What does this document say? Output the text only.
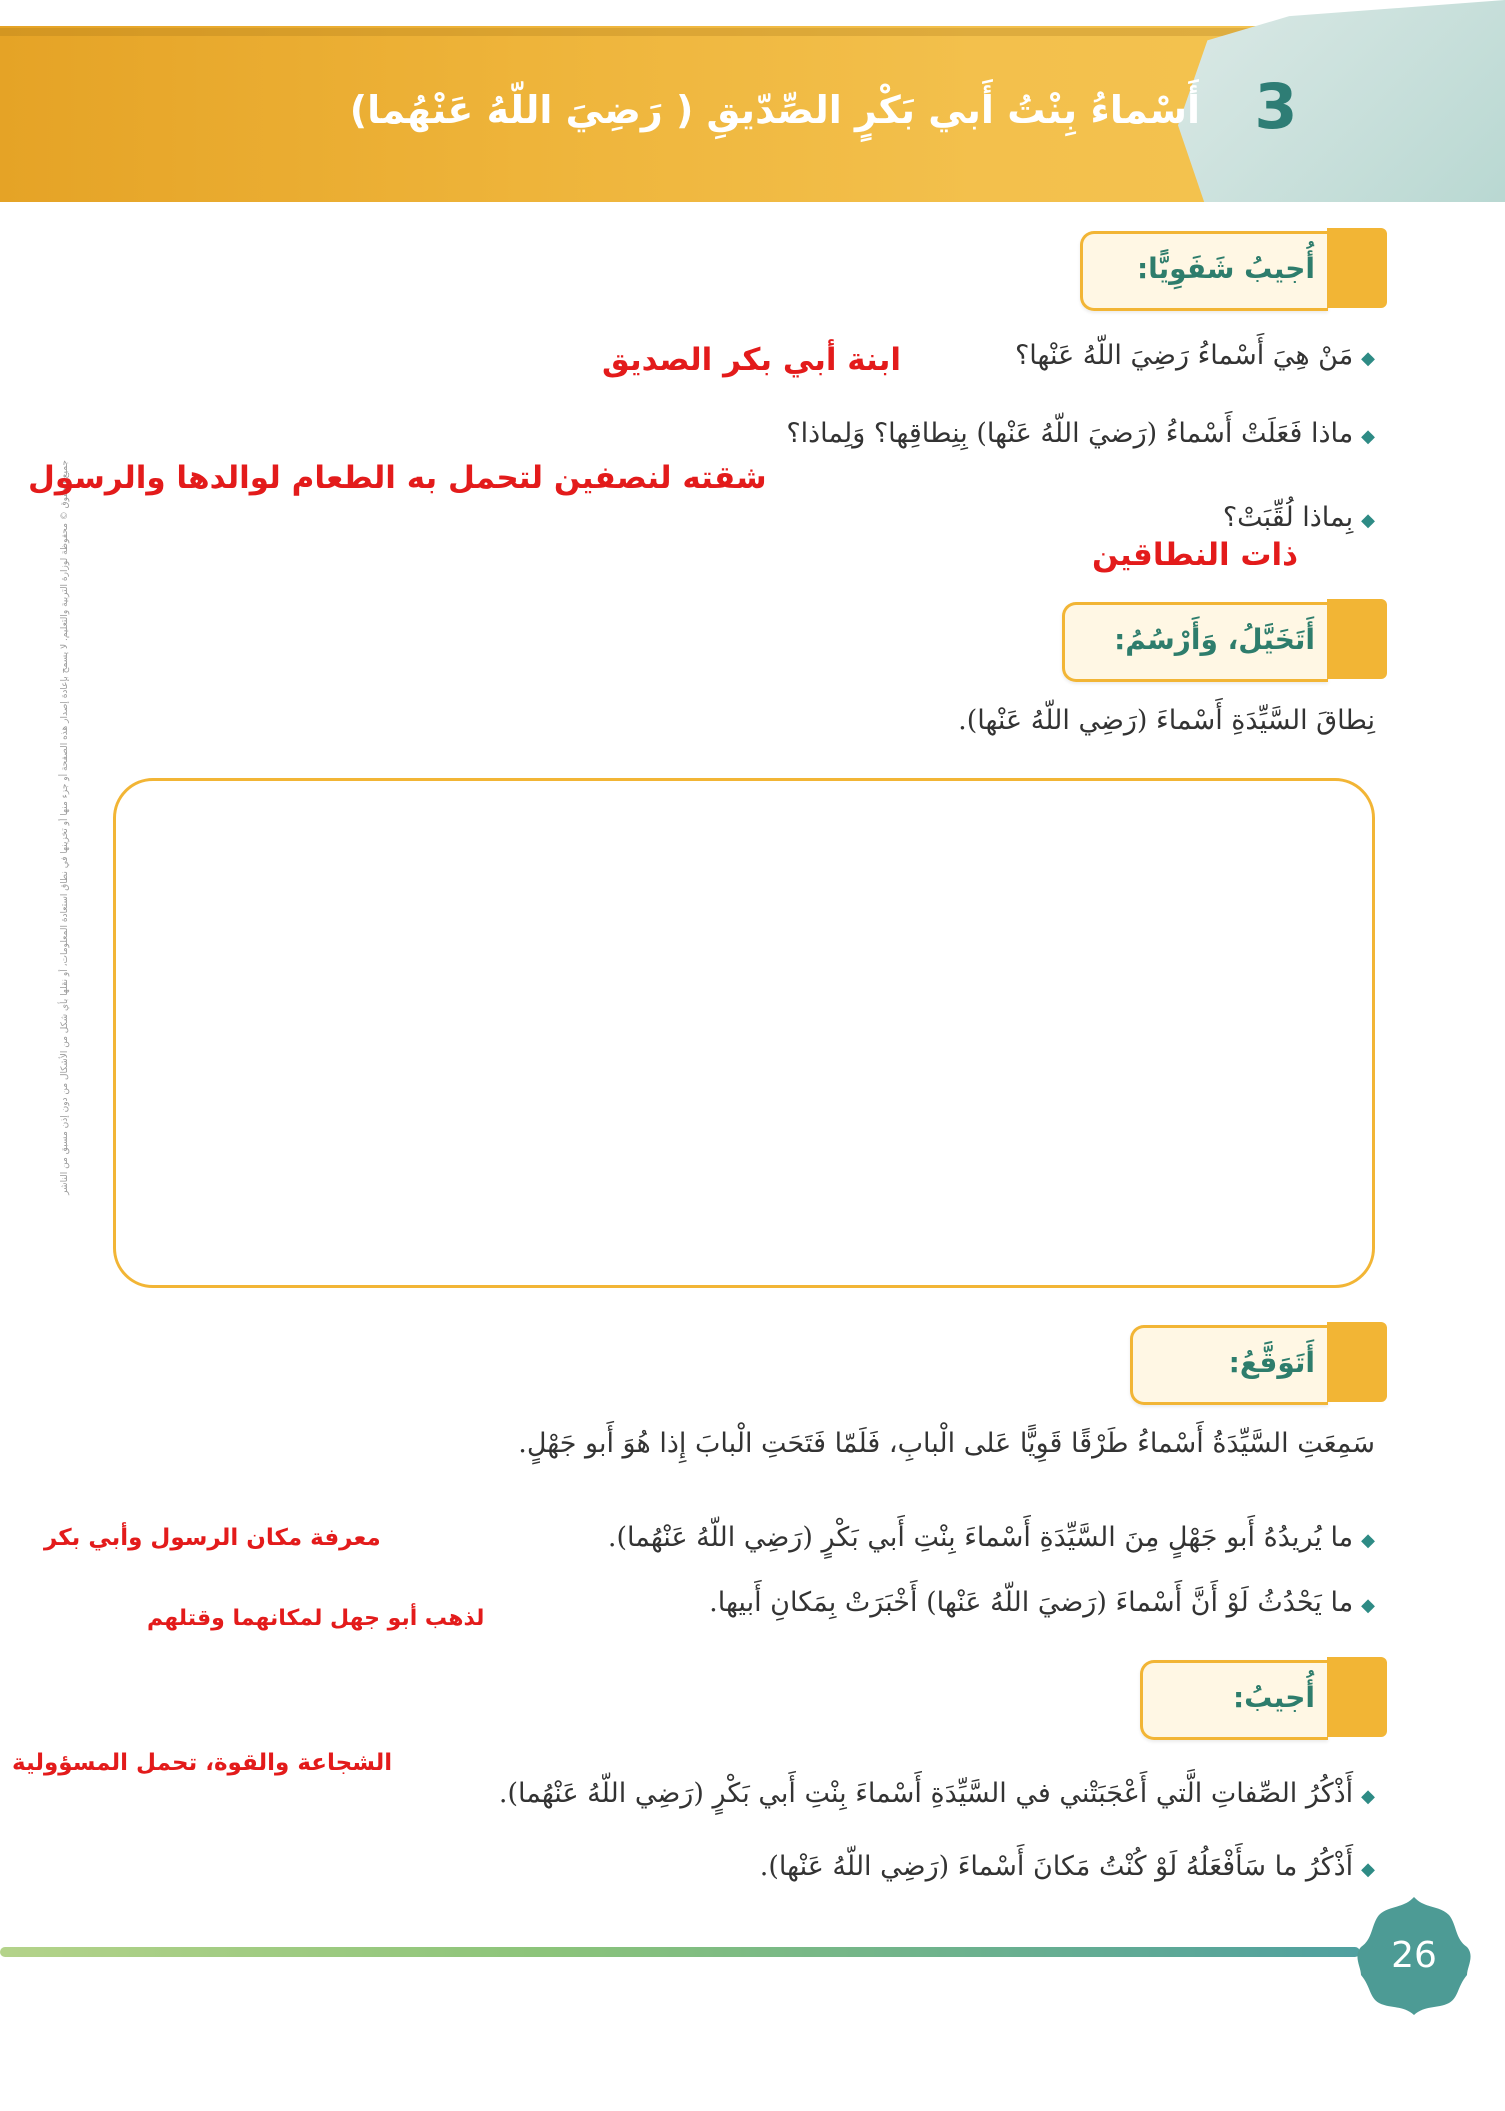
3
أَسْماءُ بِنْتُ أَبي بَكْرٍ الصِّدّيقِ ( رَضِيَ اللّهُ عَنْهُما)
جميع الحقوق © محفوظة لوزارة التربية والتعليم. لا يسمح بإعادة إصدار هذه الصفحة أو جزء منها أو تخزينها في نطاق استعادة المعلومات، أو نقلها بأي شكل من الأشكال من دون إذن مسبق من الناشر
أُجيبُ شَفَوِيًّا:
◆مَنْ هِيَ أَسْماءُ رَضِيَ اللّهُ عَنْها؟
ابنة أبي بكر الصديق
◆ماذا فَعَلَتْ أَسْماءُ (رَضيَ اللّهُ عَنْها) بِنِطاقِها؟ وَلِماذا؟
شقته لنصفين لتحمل به الطعام لوالدها والرسول
◆بِماذا لُقِّبَتْ؟
ذات النطاقين
أَتَخَيَّلُ، وَأَرْسُمُ:
نِطاقَ السَّيِّدَةِ أَسْماءَ (رَضِي اللّهُ عَنْها).
أَتَوَقَّعُ:
سَمِعَتِ السَّيِّدَةُ أَسْماءُ طَرْقًا قَوِيًّا عَلى الْبابِ، فَلَمّا فَتَحَتِ الْبابَ إِذا هُوَ أَبو جَهْلٍ.
◆ما يُريدُهُ أَبو جَهْلٍ مِنَ السَّيِّدَةِ أَسْماءَ بِنْتِ أَبي بَكْرٍ (رَضِي اللّهُ عَنْهُما).
معرفة مكان الرسول وأبي بكر
◆ما يَحْدُثُ لَوْ أَنَّ أَسْماءَ (رَضيَ اللّهُ عَنْها) أَخْبَرَتْ بِمَكانِ أَبيها.
لذهب أبو جهل لمكانهما وقتلهم
أُجيبُ:
الشجاعة والقوة، تحمل المسؤولية
◆أَذْكُرُ الصِّفاتِ الَّتي أَعْجَبَتْني في السَّيِّدَةِ أَسْماءَ بِنْتِ أَبي بَكْرٍ (رَضِي اللّهُ عَنْهُما).
◆أَذْكُرُ ما سَأَفْعَلُهُ لَوْ كُنْتُ مَكانَ أَسْماءَ (رَضِي اللّهُ عَنْها).
26
